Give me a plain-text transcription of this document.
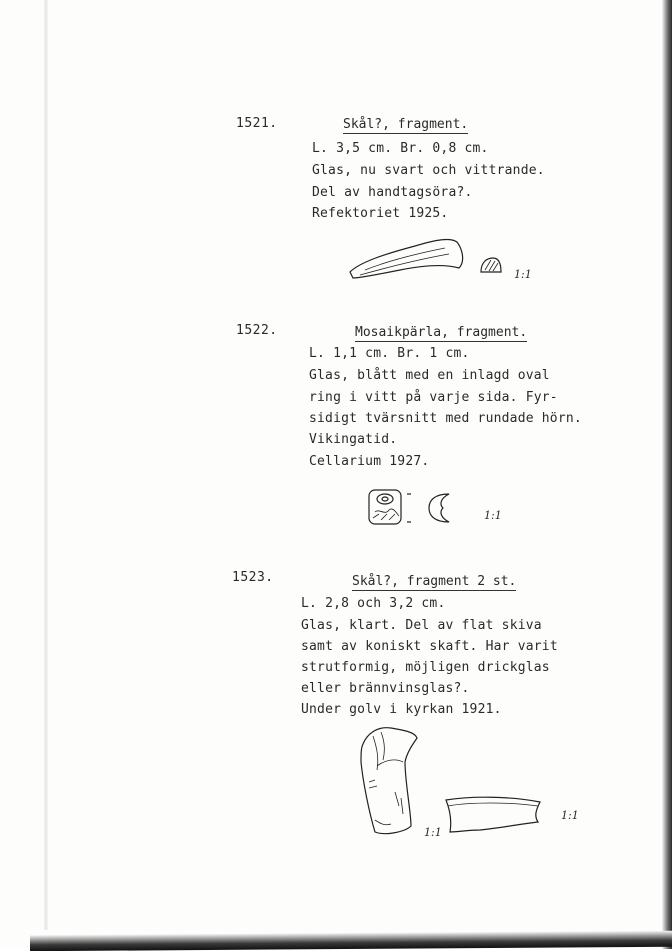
1521.	Skål?, fragment.
L. 3,5 cm. Br. 0,8 cm.
Glas, nu svart och vittrande.
Del av handtagsöra?.
Refektoriet 1925.
1:1
1522.	Mosaikpärla, fragment.
L. 1,1 cm. Br. 1 cm.
Glas, blått med en inlagd oval
ring i vitt på varje sida. Fyr-
sidigt tvärsnitt med rundade hörn.
Vikingatid.
Cellarium 1927.
1:1
1523.	Skål?, fragment 2 st.
L. 2,8 och 3,2 cm.
Glas, klart. Del av flat skiva
samt av koniskt skaft. Har varit
strutformig, möjligen drickglas
eller brännvinsglas?.
Under golv i kyrkan 1921.
1:1
1:1
